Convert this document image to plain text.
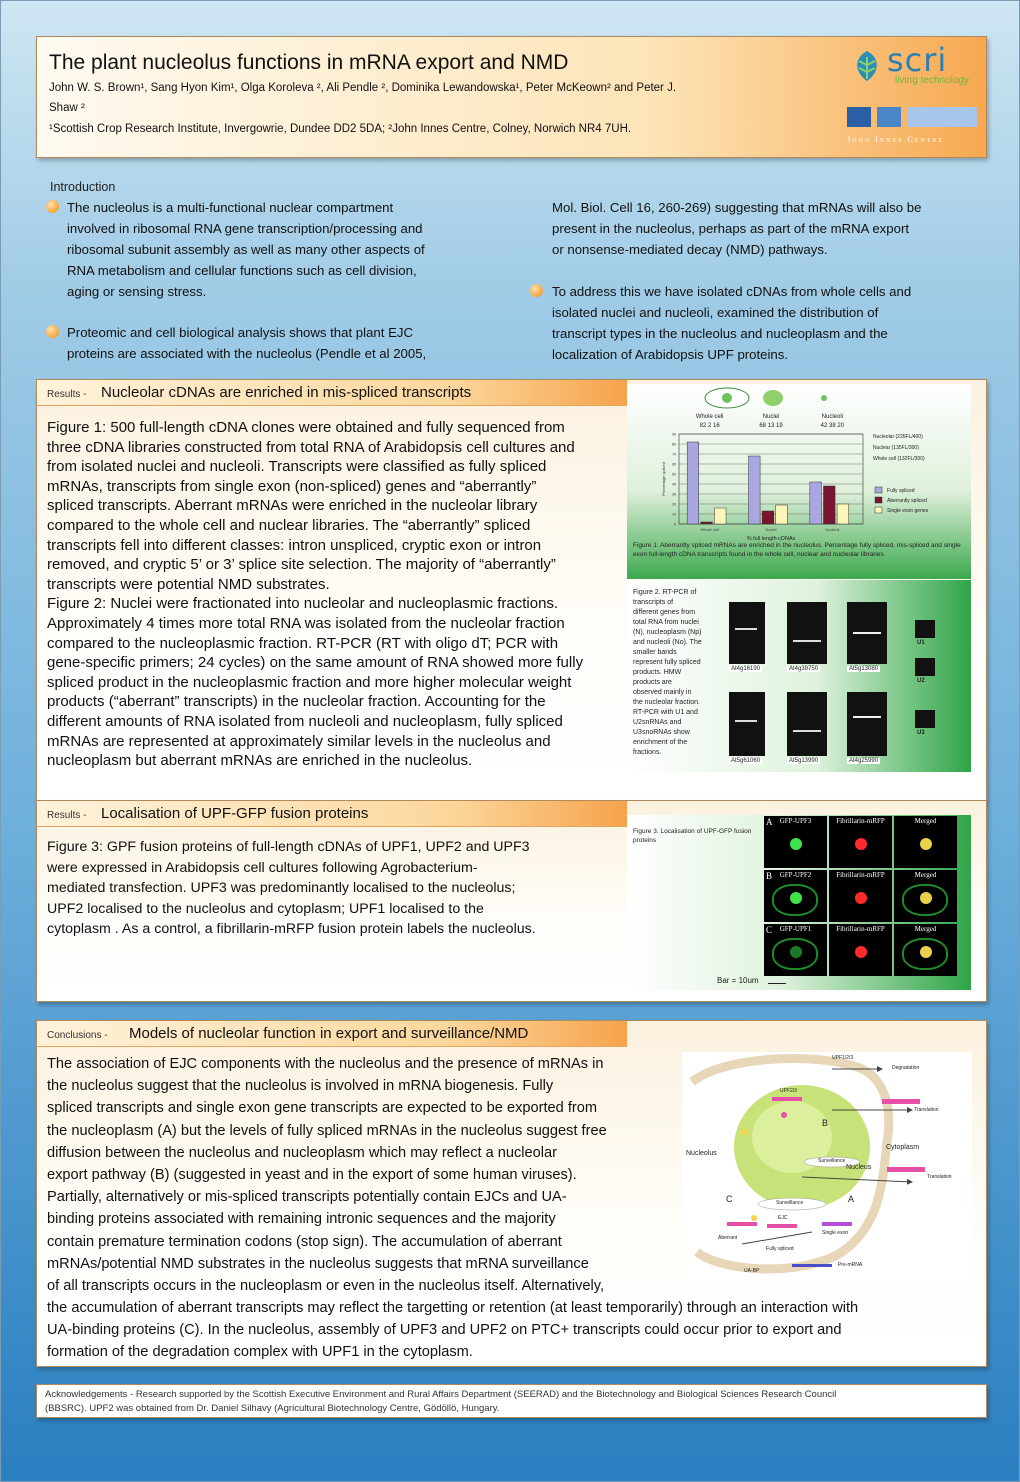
The plant nucleolus functions in mRNA export and NMD
John W. S. Brown¹, Sang Hyon Kim¹, Olga Koroleva ², Ali Pendle ², Dominika Lewandowska¹, Peter McKeown² and Peter J.
Shaw ²
¹Scottish Crop Research Institute, Invergowrie, Dundee DD2 5DA; ²John Innes Centre, Colney, Norwich NR4 7UH.
scri
living technology
John Innes Centre
Introduction
The nucleolus is a multi-functional nuclear compartment
involved in ribosomal RNA gene transcription/processing and
ribosomal subunit assembly as well as many other aspects of
RNA metabolism and cellular functions such as cell division,
aging or sensing stress.
Proteomic and cell biological analysis shows that plant EJC
proteins are associated with the nucleolus (Pendle et al 2005,
Mol. Biol. Cell 16, 260-269) suggesting that mRNAs will also be
present in the nucleolus, perhaps as part of the mRNA export
or nonsense-mediated decay (NMD) pathways.
To address this we have isolated cDNAs from whole cells and
isolated nuclei and nucleoli, examined the distribution of
transcript types in the nucleolus and nucleoplasm and the
localization of Arabidopsis UPF proteins.
Results - Nucleolar cDNAs are enriched in mis-spliced transcripts
Figure 1: 500 full-length cDNA clones were obtained and fully sequenced from
three cDNA libraries constructed from total RNA of Arabidopsis cell cultures and
from isolated nuclei and nucleoli. Transcripts were classified as fully spliced
mRNAs, transcripts from single exon (non-spliced) genes and “aberrantly”
spliced transcripts. Aberrant mRNAs were enriched in the nucleolar library
compared to the whole cell and nuclear libraries. The “aberrantly” spliced
transcripts fell into different classes: intron unspliced, cryptic exon or intron
removed, and cryptic 5’ or 3’ splice site selection. The majority of “aberrantly”
transcripts were potential NMD substrates.
Figure 2: Nuclei were fractionated into nucleolar and nucleoplasmic fractions.
Approximately 4 times more total RNA was isolated from the nucleolar fraction
compared to the nucleoplasmic fraction. RT-PCR (RT with oligo dT; PCR with
gene-specific primers; 24 cycles) on the same amount of RNA showed more fully
spliced product in the nucleoplasmic fraction and more higher molecular weight
products (“aberrant” transcripts) in the nucleolar fraction. Accounting for the
different amounts of RNA isolated from nucleoli and nucleoplasm, fully spliced
mRNAs are represented at approximately similar levels in the nucleolus and
nucleoplasm but aberrant mRNAs are enriched in the nucleolus.
Whole cell
82 2 16
Whole cell
Nuclei
68 13 19
Nuclei
Nucleoli
42 38 20
Nucleoli
0
10
20
30
40
50
60
70
80
90
Percentage spliced
% full length cDNAs
Nucleolar (226FL/400)
Nuclear (135FL/300)
Whole cell (132FL/300)
Fully spliced
Aberrantly spliced
Single exon genes
Figure 1. Aberrantly spliced mRNAs are enriched in the nucleolus. Percentage fully spliced, mis-spliced and single exon full-length cDNA transcripts found in the whole cell, nuclear and nucleolar libraries.
Figure 2. RT-PCR of
transcripts of
different genes from
total RNA from nuclei
(N), nucleoplasm (Np)
and nucleoli (No). The
smaller bands
represent fully spliced
products. HMW
products are
observed mainly in
the nucleolar fraction.
RT-PCR with U1 and
U2snRNAs and
U3snoRNAs show
enrichment of the
fractions.
At4g16190	At4g39750	At5g13080
At5g61060	At5g13990	At4g25990
U1
U2
U3
Results - Localisation of UPF-GFP fusion proteins
Figure 3: GPF fusion proteins of full-length cDNAs of UPF1, UPF2 and UPF3
were expressed in Arabidopsis cell cultures following Agrobacterium-
mediated transfection. UPF3 was predominantly localised to the nucleolus;
UPF2 localised to the nucleolus and cytoplasm; UPF1 localised to the
cytoplasm . As a control, a fibrillarin-mRFP fusion protein labels the nucleolus.
Figure 3. Localisation of UPF-GFP fusion proteins
GFP-UPF3	Fibrillarin-mRFP	Merged
A
GFP-UPF2	Fibrillarin-mRFP	Merged
B
GFP-UPF1	Fibrillarin-mRFP	Merged
C
Bar = 10um
Conclusions - Models of nucleolar function in export and surveillance/NMD
The association of EJC components with the nucleolus and the presence of mRNAs in
the nucleolus suggest that the nucleolus is involved in mRNA biogenesis. Fully
spliced transcripts and single exon gene transcripts are expected to be exported from
the nucleoplasm (A) but the levels of fully spliced mRNAs in the nucleolus suggest free
diffusion between the nucleolus and nucleoplasm which may reflect a nucleolar
export pathway (B) (suggested in yeast and in the export of some human viruses).
Partially, alternatively or mis-spliced transcripts potentially contain EJCs and UA-
binding proteins associated with remaining intronic sequences and the majority
contain premature termination codons (stop sign). The accumulation of aberrant
mRNAs/potential NMD substrates in the nucleolus suggests that mRNA surveillance
of all transcripts occurs in the nucleoplasm or even in the nucleolus itself. Alternatively,
the accumulation of aberrant transcripts may reflect the targetting or retention (at least temporarily) through an interaction with
UA-binding proteins (C). In the nucleolus, assembly of UPF3 and UPF2 on PTC+ transcripts could occur prior to export and
formation of the degradation complex with UPF1 in the cytoplasm.
Nucleolus
Nucleus
Cytoplasm
Surveillance
Surveillance
UPF1/2/3
Degradation
Translation
Translation
UPF2/3
A
B
C
Aberrant
EJC
Fully spliced
Single exon
Pre-mRNA
UA-BP
Acknowledgements - Research supported by the Scottish Executive Environment and Rural Affairs Department (SEERAD) and the Biotechnology and Biological Sciences Research Council
(BBSRC). UPF2 was obtained from Dr. Daniel Silhavy (Agricultural Biotechnology Centre, Gödöllö, Hungary.
